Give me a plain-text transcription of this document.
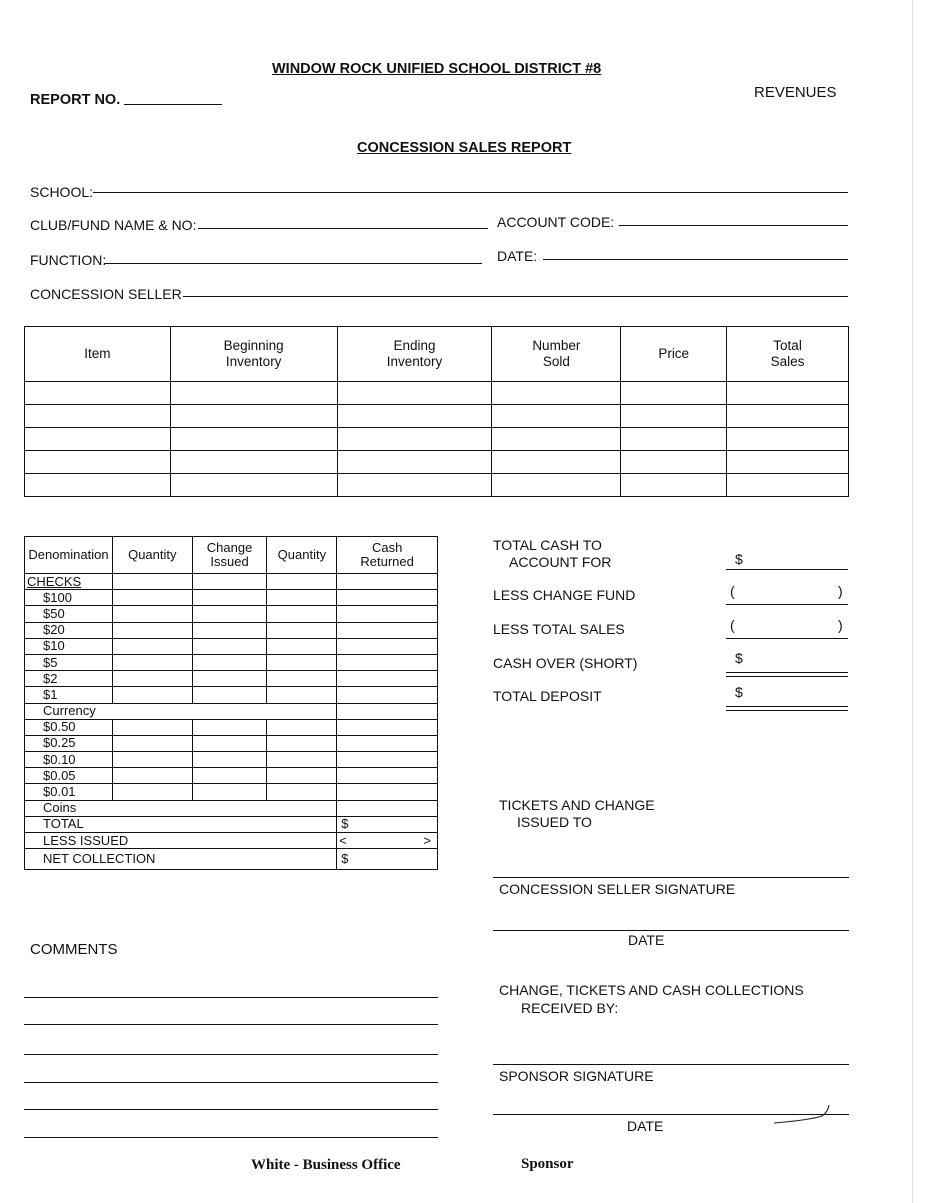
WINDOW ROCK UNIFIED SCHOOL DISTRICT #8
REPORT NO.	REVENUES
CONCESSION SALES REPORT
SCHOOL:
CLUB/FUND NAME & NO:	ACCOUNT CODE:
FUNCTION:	DATE:
CONCESSION SELLER
Item	Beginning Inventory	Ending Inventory	Number Sold	Price	Total Sales

Denomination	Quantity	Change Issued	Quantity	Cash Returned

CHECKS				
$100				
$50				
$20				
$10				
$5				
$2				
$1				
Currency				
$0.50				
$0.25				
$0.10				
$0.05				
$0.01				
Coins				
TOTAL				$
LESS ISSUED				< >

NET COLLECTION				$
TOTAL CASH TO
ACCOUNT FOR	$
LESS CHANGE FUND	(	)
LESS TOTAL SALES	(	)
CASH OVER (SHORT)	$
TOTAL DEPOSIT	$
TICKETS AND CHANGE
ISSUED TO
CONCESSION SELLER SIGNATURE
DATE
CHANGE, TICKETS AND CASH COLLECTIONS
RECEIVED BY:
SPONSOR SIGNATURE
DATE
COMMENTS
White - Business Office	Sponsor
